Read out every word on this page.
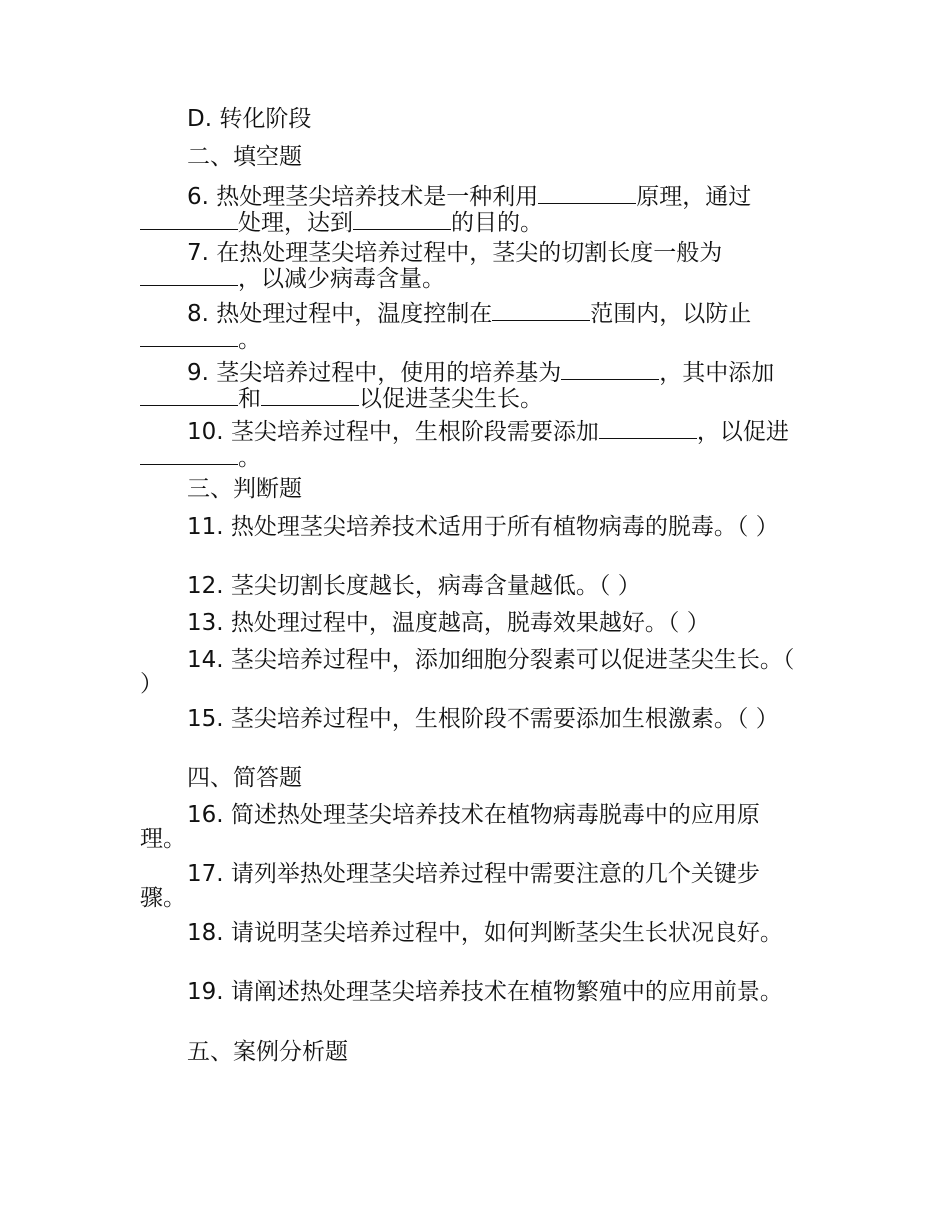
D. 转化阶段

二、填空题

6. 热处理茎尖培养技术是一种利用	原理，通过处理，达到	的目的。

7. 在热处理茎尖培养过程中，茎尖的切割长度一般为，以减少病毒含量。

8. 热处理过程中，温度控制在	范围内，以防止。

9. 茎尖培养过程中，使用的培养基为	，其中添加和	以促进茎尖生长。

10. 茎尖培养过程中，生根阶段需要添加	，以促进。

三、判断题

11. 热处理茎尖培养技术适用于所有植物病毒的脱毒。（ ）

12. 茎尖切割长度越长，病毒含量越低。（ ）

13. 热处理过程中，温度越高，脱毒效果越好。（ ）

14. 茎尖培养过程中，添加细胞分裂素可以促进茎尖生长。（ ）

15. 茎尖培养过程中，生根阶段不需要添加生根激素。（ ）

四、简答题

16. 简述热处理茎尖培养技术在植物病毒脱毒中的应用原理。

17. 请列举热处理茎尖培养过程中需要注意的几个关键步骤。

18. 请说明茎尖培养过程中，如何判断茎尖生长状况良好。

19. 请阐述热处理茎尖培养技术在植物繁殖中的应用前景。

五、案例分析题
